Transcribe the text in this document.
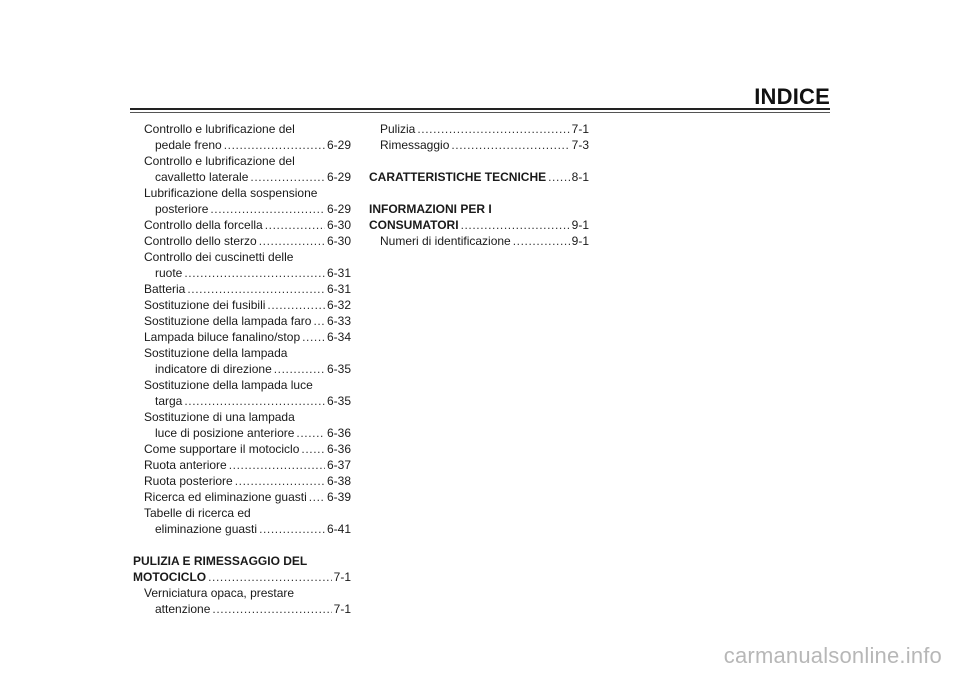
INDICE
Controllo e lubrificazione del
pedale freno .....	6-29
Controllo e lubrificazione del
cavalletto laterale .....	6-29
Lubrificazione della sospensione
posteriore .....	6-29
Controllo della forcella .....	6-30
Controllo dello sterzo .....	6-30
Controllo dei cuscinetti delle
ruote .....	6-31
Batteria .....	6-31
Sostituzione dei fusibili .....	6-32
Sostituzione della lampada faro ..... 6-33
Lampada biluce fanalino/stop ..... 6-34
Sostituzione della lampada
indicatore di direzione .....	6-35
Sostituzione della lampada luce
targa .....	6-35
Sostituzione di una lampada
luce di posizione anteriore .....	6-36
Come supportare il motociclo ..... 6-36
Ruota anteriore .....	6-37
Ruota posteriore .....	6-38
Ricerca ed eliminazione guasti ..... 6-39
Tabelle di ricerca ed
eliminazione guasti .....	6-41
PULIZIA E RIMESSAGGIO DEL
MOTOCICLO .....	7-1
Verniciatura opaca, prestare
attenzione .....	7-1
Pulizia .....	7-1
Rimessaggio .....	7-3
CARATTERISTICHE TECNICHE ..... 8-1
INFORMAZIONI PER I
CONSUMATORI .....	9-1
Numeri di identificazione .....	9-1
carmanualsonline.info
